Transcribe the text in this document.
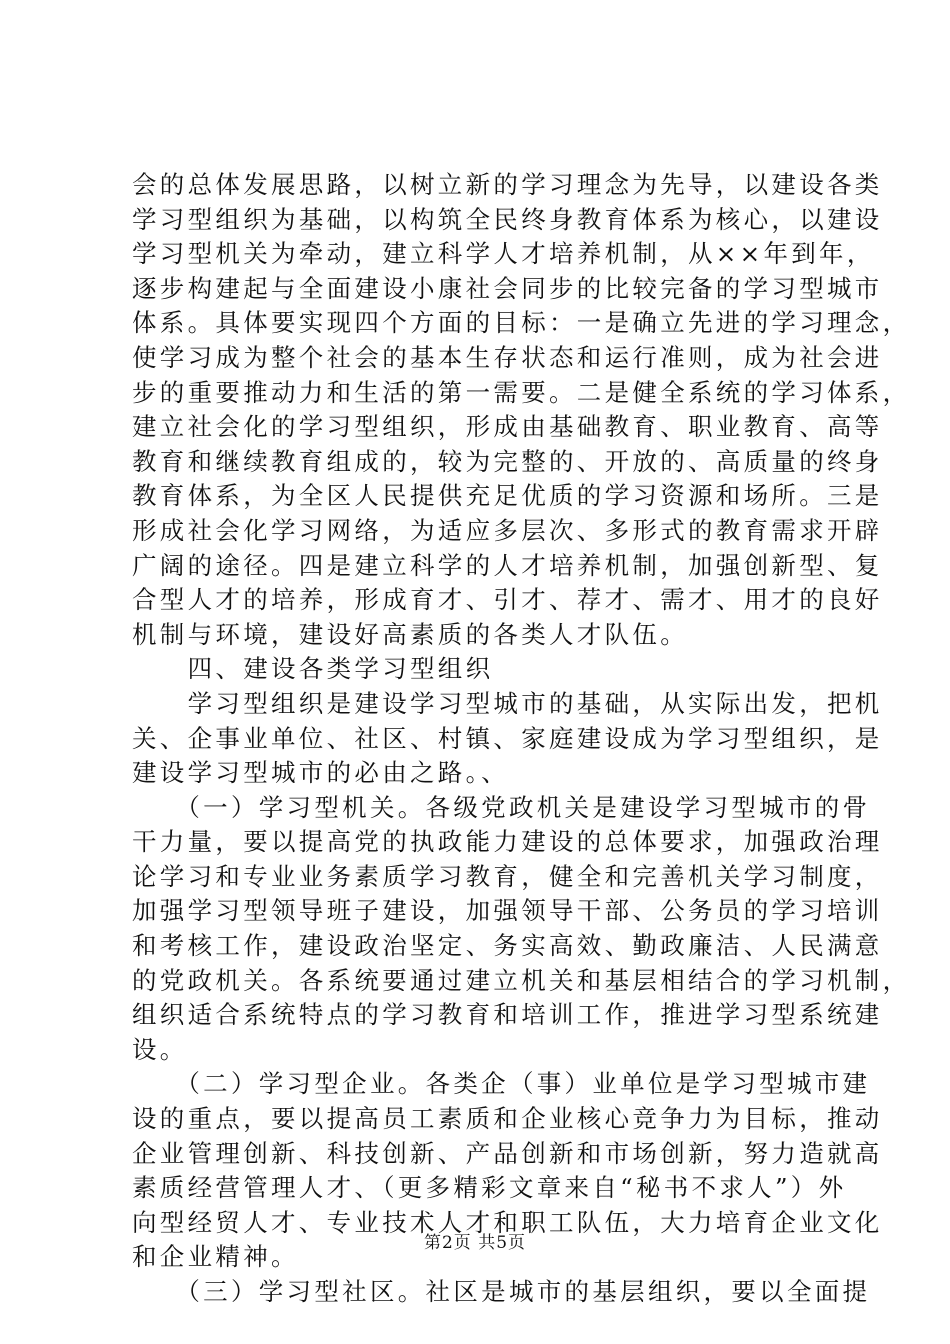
会的总体发展思路，以树立新的学习理念为先导，以建设各类
学习型组织为基础，以构筑全民终身教育体系为核心，以建设
学习型机关为牵动，建立科学人才培养机制，从××年到年，
逐步构建起与全面建设小康社会同步的比较完备的学习型城市
体系。具体要实现四个方面的目标：一是确立先进的学习理念，
使学习成为整个社会的基本生存状态和运行准则，成为社会进
步的重要推动力和生活的第一需要。二是健全系统的学习体系，
建立社会化的学习型组织，形成由基础教育、职业教育、高等
教育和继续教育组成的，较为完整的、开放的、高质量的终身
教育体系，为全区人民提供充足优质的学习资源和场所。三是
形成社会化学习网络，为适应多层次、多形式的教育需求开辟
广阔的途径。四是建立科学的人才培养机制，加强创新型、复
合型人才的培养，形成育才、引才、荐才、需才、用才的良好
机制与环境，建设好高素质的各类人才队伍。
　　四、建设各类学习型组织
　　学习型组织是建设学习型城市的基础，从实际出发，把机
关、企事业单位、社区、村镇、家庭建设成为学习型组织，是
建设学习型城市的必由之路。、
　　（一）学习型机关。各级党政机关是建设学习型城市的骨
干力量，要以提高党的执政能力建设的总体要求，加强政治理
论学习和专业业务素质学习教育，健全和完善机关学习制度，
加强学习型领导班子建设，加强领导干部、公务员的学习培训
和考核工作，建设政治坚定、务实高效、勤政廉洁、人民满意
的党政机关。各系统要通过建立机关和基层相结合的学习机制，
组织适合系统特点的学习教育和培训工作，推进学习型系统建
设。
　　（二）学习型企业。各类企（事）业单位是学习型城市建
设的重点，要以提高员工素质和企业核心竞争力为目标，推动
企业管理创新、科技创新、产品创新和市场创新，努力造就高
素质经营管理人才、（更多精彩文章来自“秘书不求人”）外
向型经贸人才、专业技术人才和职工队伍，大力培育企业文化
和企业精神。
　　（三）学习型社区。社区是城市的基层组织，要以全面提
第2页 共5页
